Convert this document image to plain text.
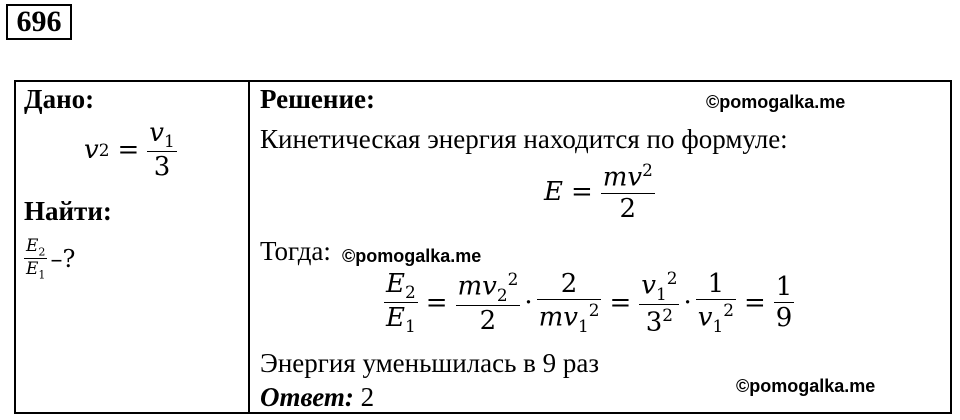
696
Дано:
v $2 = \frac{v_1}{3}$
Найти:
$\frac{E_2}{E_1}$ –?
Решение:	©pomogalka.me
Кинетическая энергия находится по формуле:
$E = \frac{mv^2}{2}$
Тогда: ©pomogalka.me
$\frac{E_2}{E_1} = \frac{mv_2^2}{2} \cdot \frac{2}{mv_1^2} = \frac{v_1^2}{3^2} \cdot \frac{1}{v_1^2} = \frac{1}{9}$
Энергия уменьшилась в 9 раз
©pomogalka.me
Ответ: 2
